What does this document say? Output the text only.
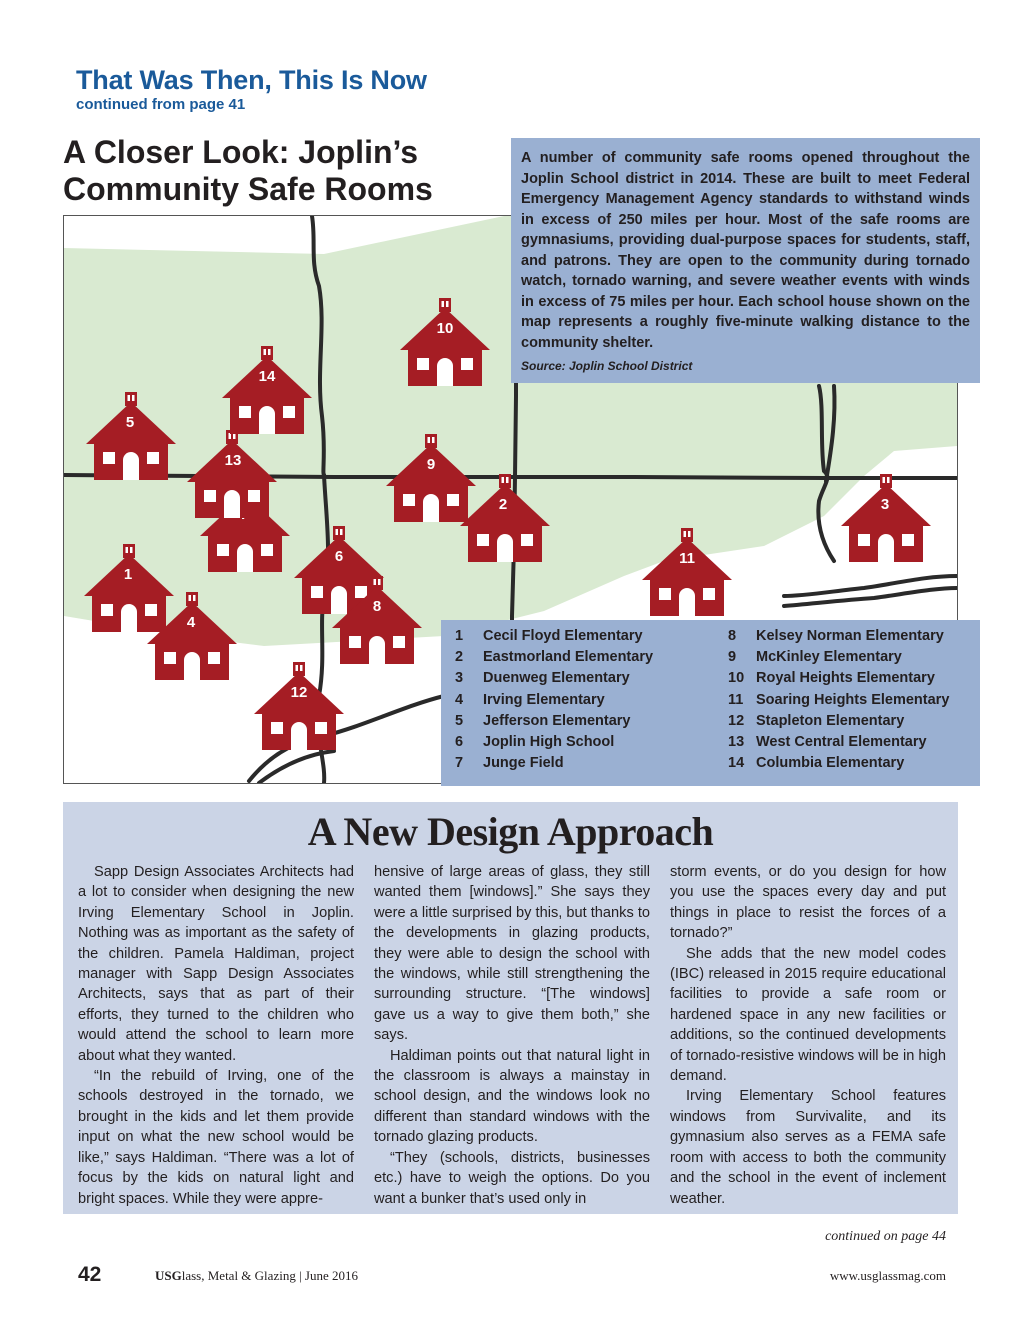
That Was Then, This Is Now
continued from page 41
A Closer Look: Joplin’s
Community Safe Rooms
1
2	3
4
5
6
8
9
10
11
12
13
14

A number of community safe rooms opened throughout the Joplin School district in 2014. These are built to meet Federal Emergency Management Agency standards to withstand winds in excess of 250 miles per hour. Most of the safe rooms are gymnasiums, providing dual-purpose spaces for students, staff, and patrons. They are open to the community during tornado watch, tornado warning, and severe weather events with winds in excess of 75 miles per hour. Each school house shown on the map represents a roughly five-minute walking distance to the community shelter.

Source: Joplin School District

1	Cecil Floyd Elementary
2	Eastmorland Elementary
3	Duenweg Elementary
4	Irving Elementary
5	Jefferson Elementary
6	Joplin High School
7	Junge Field
8	Kelsey Norman Elementary
9	McKinley Elementary
10 Royal Heights Elementary
11 Soaring Heights Elementary
12 Stapleton Elementary
13 West Central Elementary
14 Columbia Elementary
A New Design Approach

Sapp Design Associates Architects had a lot to consider when designing the new Irving Elementary School in Joplin. Nothing was as important as the safety of the children. Pamela Haldiman, project manager with Sapp Design Associates Architects, says that as part of their efforts, they turned to the children who would attend the school to learn more about what they wanted.

“In the rebuild of Irving, one of the schools destroyed in the tornado, we brought in the kids and let them provide input on what the new school would be like,” says Haldiman. “There was a lot of focus by the kids on natural light and bright spaces. While they were appre-

hensive of large areas of glass, they still wanted them [windows].” She says they were a little surprised by this, but thanks to the developments in glazing products, they were able to design the school with the windows, while still strengthening the surrounding structure. “[The windows] gave us a way to give them both,” she says.

Haldiman points out that natural light in the classroom is always a mainstay in school design, and the windows look no different than standard windows with the tornado glazing products.

“They (schools, districts, businesses etc.) have to weigh the options. Do you want a bunker that’s used only in

storm events, or do you design for how you use the spaces every day and put things in place to resist the forces of a tornado?”

She adds that the new model codes (IBC) released in 2015 require educational facilities to provide a safe room or hardened space in any new facilities or additions, so the continued developments of tornado-resistive windows will be in high demand.

Irving Elementary School features windows from Survivalite, and its gymnasium also serves as a FEMA safe room with access to both the community and the school in the event of inclement weather.

continued on page 44
42	USGlass, Metal & Glazing | June 2016	www.usglassmag.com
